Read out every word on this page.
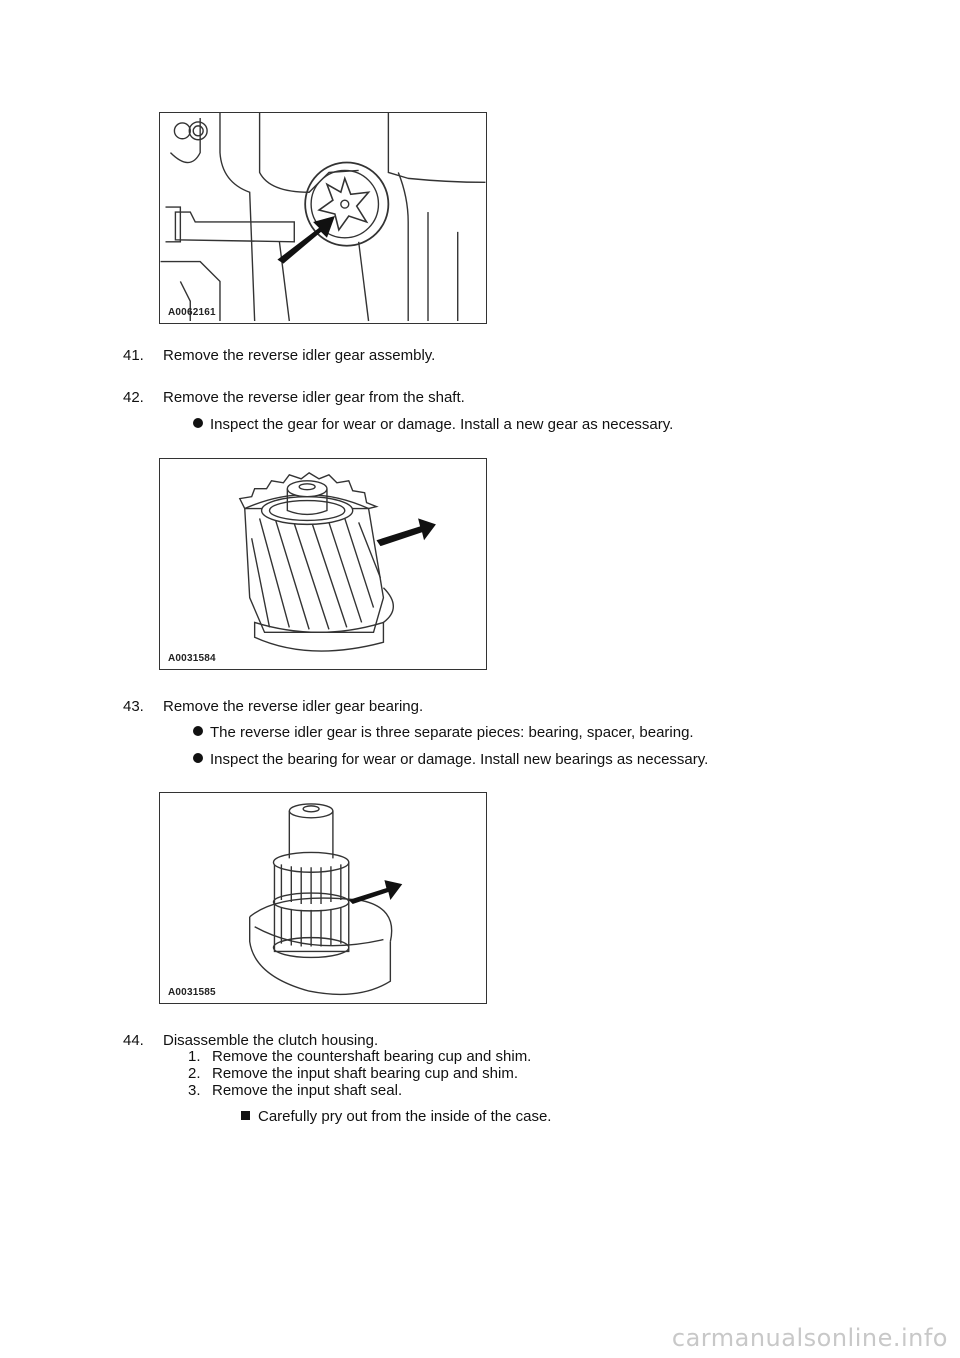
A0062161
41. Remove the reverse idler gear assembly.
42. Remove the reverse idler gear from the shaft.
Inspect the gear for wear or damage. Install a new gear as necessary.
A0031584
43. Remove the reverse idler gear bearing.
The reverse idler gear is three separate pieces: bearing, spacer, bearing.
Inspect the bearing for wear or damage. Install new bearings as necessary.
A0031585
44. Disassemble the clutch housing.
1. Remove the countershaft bearing cup and shim.
2. Remove the input shaft bearing cup and shim.
3. Remove the input shaft seal.
Carefully pry out from the inside of the case.
carmanualsonline.info
